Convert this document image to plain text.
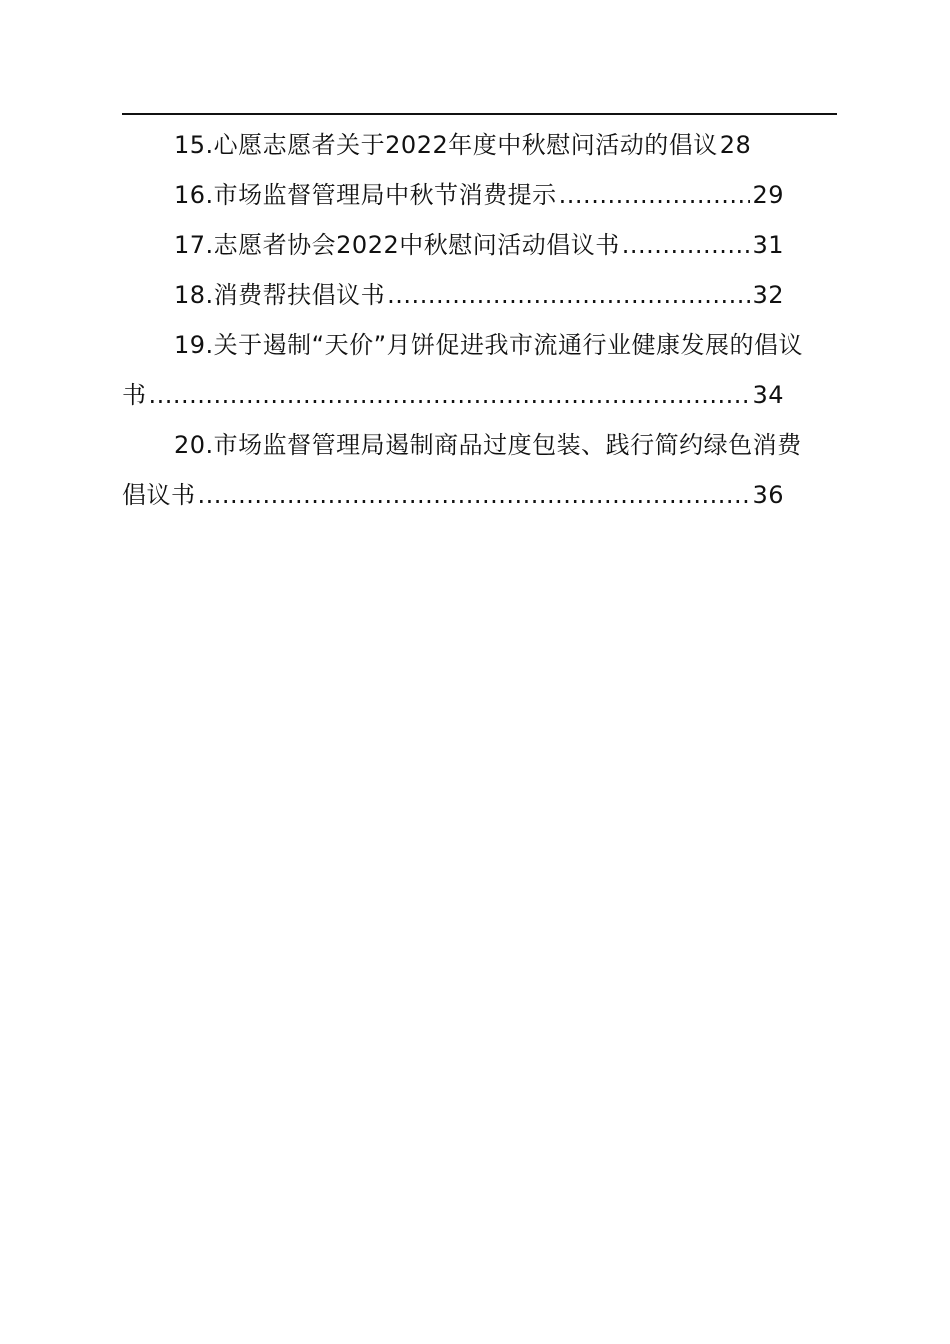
15.心愿志愿者关于2022年度中秋慰问活动的倡议28
16.市场监督管理局中秋节消费提示 .....	29
17.志愿者协会2022中秋慰问活动倡议书 .....	31
18.消费帮扶倡议书 .....	32
19.关于遏制“天价”月饼促进我市流通行业健康发展的倡议
书 .....	34
20.市场监督管理局遏制商品过度包装、践行简约绿色消费
倡议书 .....	36
